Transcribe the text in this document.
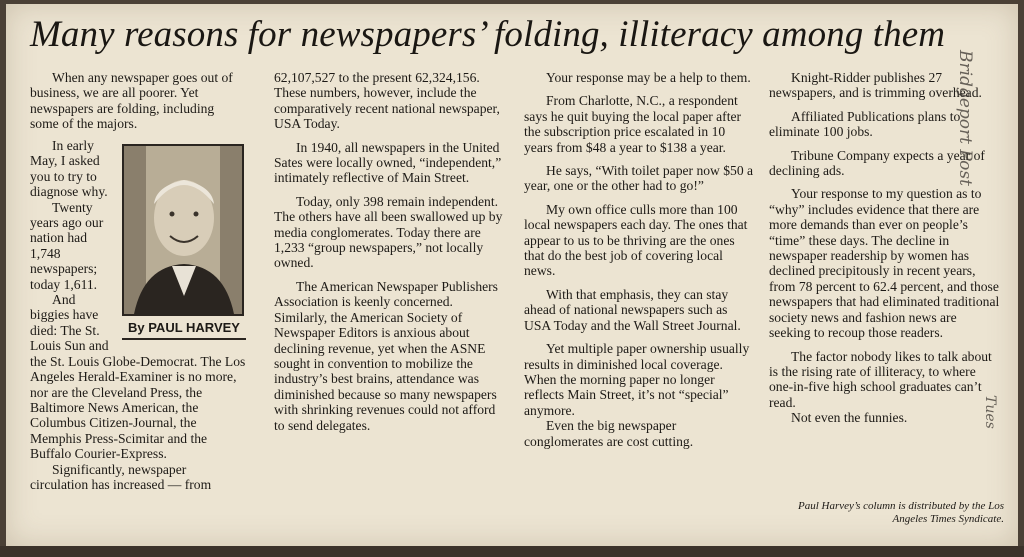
Many reasons for newspapers’ folding, illiteracy among them

When any newspaper goes out of business, we are all poorer. Yet newspapers are folding, including some of the majors.

By PAUL HARVEY

In early May, I asked you to try to diagnose why.

Twenty years ago our nation had 1,748 newspapers; today 1,611.

And biggies have died: The St. Louis Sun and the St. Louis Globe-Democrat. The Los Angeles Herald-Examiner is no more, nor are the Cleveland Press, the Baltimore News American, the Columbus Citizen-Journal, the Memphis Press-Scimitar and the Buffalo Courier-Express.

Significantly, newspaper circulation has increased — from

62,107,527 to the present 62,324,156. These numbers, however, include the comparatively recent national newspaper, USA Today.

In 1940, all newspapers in the United Sates were locally owned, “independent,” intimately reflective of Main Street.

Today, only 398 remain independent. The others have all been swallowed up by media conglomerates. Today there are 1,233 “group newspapers,” not locally owned.

The American Newspaper Publishers Association is keenly concerned. Similarly, the American Society of Newspaper Editors is anxious about declining revenue, yet when the ASNE sought in convention to mobilize the industry’s best brains, attendance was diminished because so many newspapers with shrinking revenues could not afford to send delegates.

Your response may be a help to them.

From Charlotte, N.C., a respondent says he quit buying the local paper after the subscription price escalated in 10 years from $48 a year to $138 a year.

He says, “With toilet paper now $50 a year, one or the other had to go!”

My own office culls more than 100 local newspapers each day. The ones that appear to us to be thriving are the ones that do the best job of covering local news.

With that emphasis, they can stay ahead of national newspapers such as USA Today and the Wall Street Journal.

Yet multiple paper ownership usually results in diminished local coverage. When the morning paper no longer reflects Main Street, it’s not “special” anymore.

Even the big newspaper conglomerates are cost cutting.

Knight-Ridder publishes 27 newspapers, and is trimming overhead.

Affiliated Publications plans to eliminate 100 jobs.

Tribune Company expects a year of declining ads.

Your response to my question as to “why” includes evidence that there are more demands than ever on people’s “time” these days. The decline in newspaper readership by women has declined precipitously in recent years, from 78 percent to 62.4 percent, and those newspapers that had eliminated traditional society news and fashion news are seeking to recoup those readers.

The factor nobody likes to talk about is the rising rate of illiteracy, to where one-in-five high school graduates can’t read.

Not even the funnies.

Paul Harvey’s column is distributed by the Los Angeles Times Syndicate.
Bridgeport Post
Tues
